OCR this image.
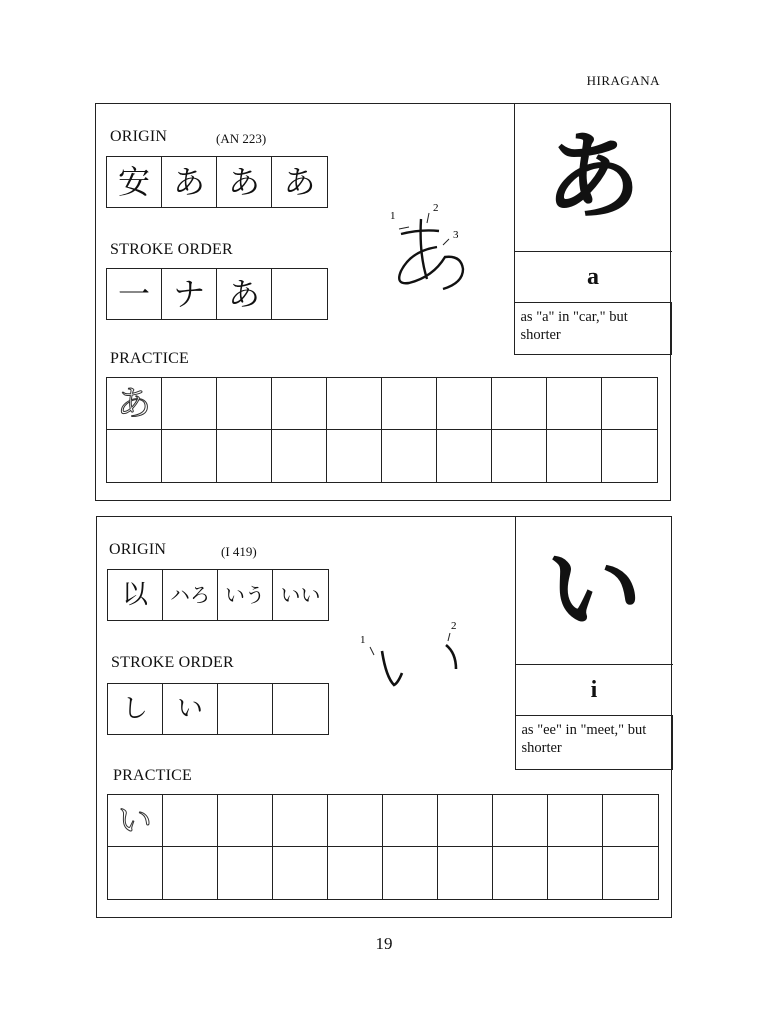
HIRAGANA
ORIGIN	(AN 223)
安 あ あ あ
STROKE ORDER
一 ナ あ
1
2
3
あ
a
as "a" in "car," but shorter
PRACTICE
あ
ORIGIN	(I 419)
以 ハろ いう いい
STROKE ORDER
し い
1
2 い
i
as "ee" in "meet," but shorter
PRACTICE
い
19
